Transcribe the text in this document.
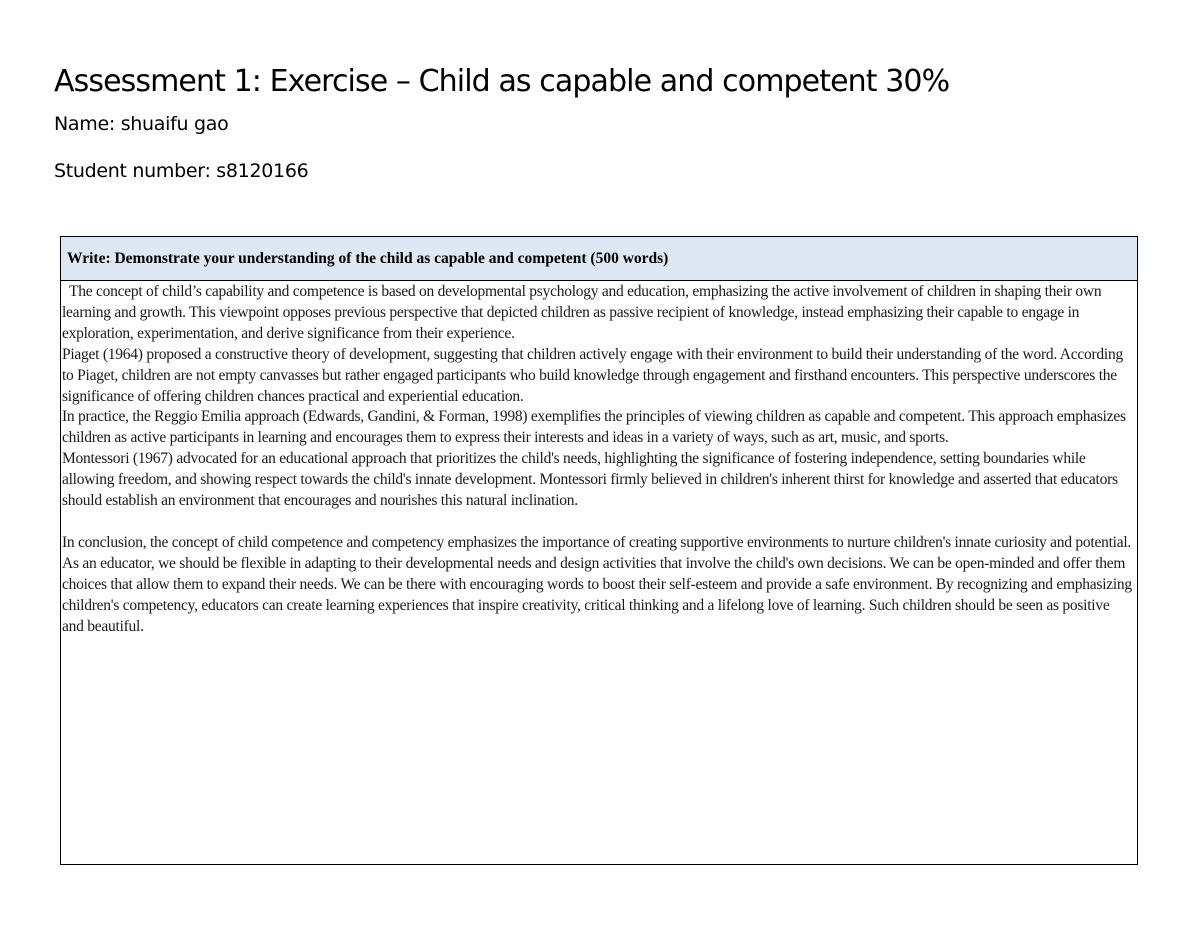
Assessment 1: Exercise – Child as capable and competent 30%

Name: shuaifu gao

Student number: s8120166

Write: Demonstrate your understanding of the child as capable and competent (500 words)

The concept of child’s capability and competence is based on developmental psychology and education, emphasizing the active involvement of children in shaping their own learning and growth. This viewpoint opposes previous perspective that depicted children as passive recipient of knowledge, instead emphasizing their capable to engage in exploration, experimentation, and derive significance from their experience.

Piaget (1964) proposed a constructive theory of development, suggesting that children actively engage with their environment to build their understanding of the word. According to Piaget, children are not empty canvasses but rather engaged participants who build knowledge through engagement and firsthand encounters. This perspective underscores the significance of offering children chances practical and experiential education.

In practice, the Reggio Emilia approach (Edwards, Gandini, & Forman, 1998) exemplifies the principles of viewing children as capable and competent. This approach emphasizes children as active participants in learning and encourages them to express their interests and ideas in a variety of ways, such as art, music, and sports.

Montessori (1967) advocated for an educational approach that prioritizes the child's needs, highlighting the significance of fostering independence, setting boundaries while allowing freedom, and showing respect towards the child's innate development. Montessori firmly believed in children's inherent thirst for knowledge and asserted that educators should establish an environment that encourages and nourishes this natural inclination.

In conclusion, the concept of child competence and competency emphasizes the importance of creating supportive environments to nurture children's innate curiosity and potential. As an educator, we should be flexible in adapting to their developmental needs and design activities that involve the child's own decisions. We can be open-minded and offer them choices that allow them to expand their needs. We can be there with encouraging words to boost their self-esteem and provide a safe environment. By recognizing and emphasizing children's competency, educators can create learning experiences that inspire creativity, critical thinking and a lifelong love of learning. Such children should be seen as positive and beautiful.
